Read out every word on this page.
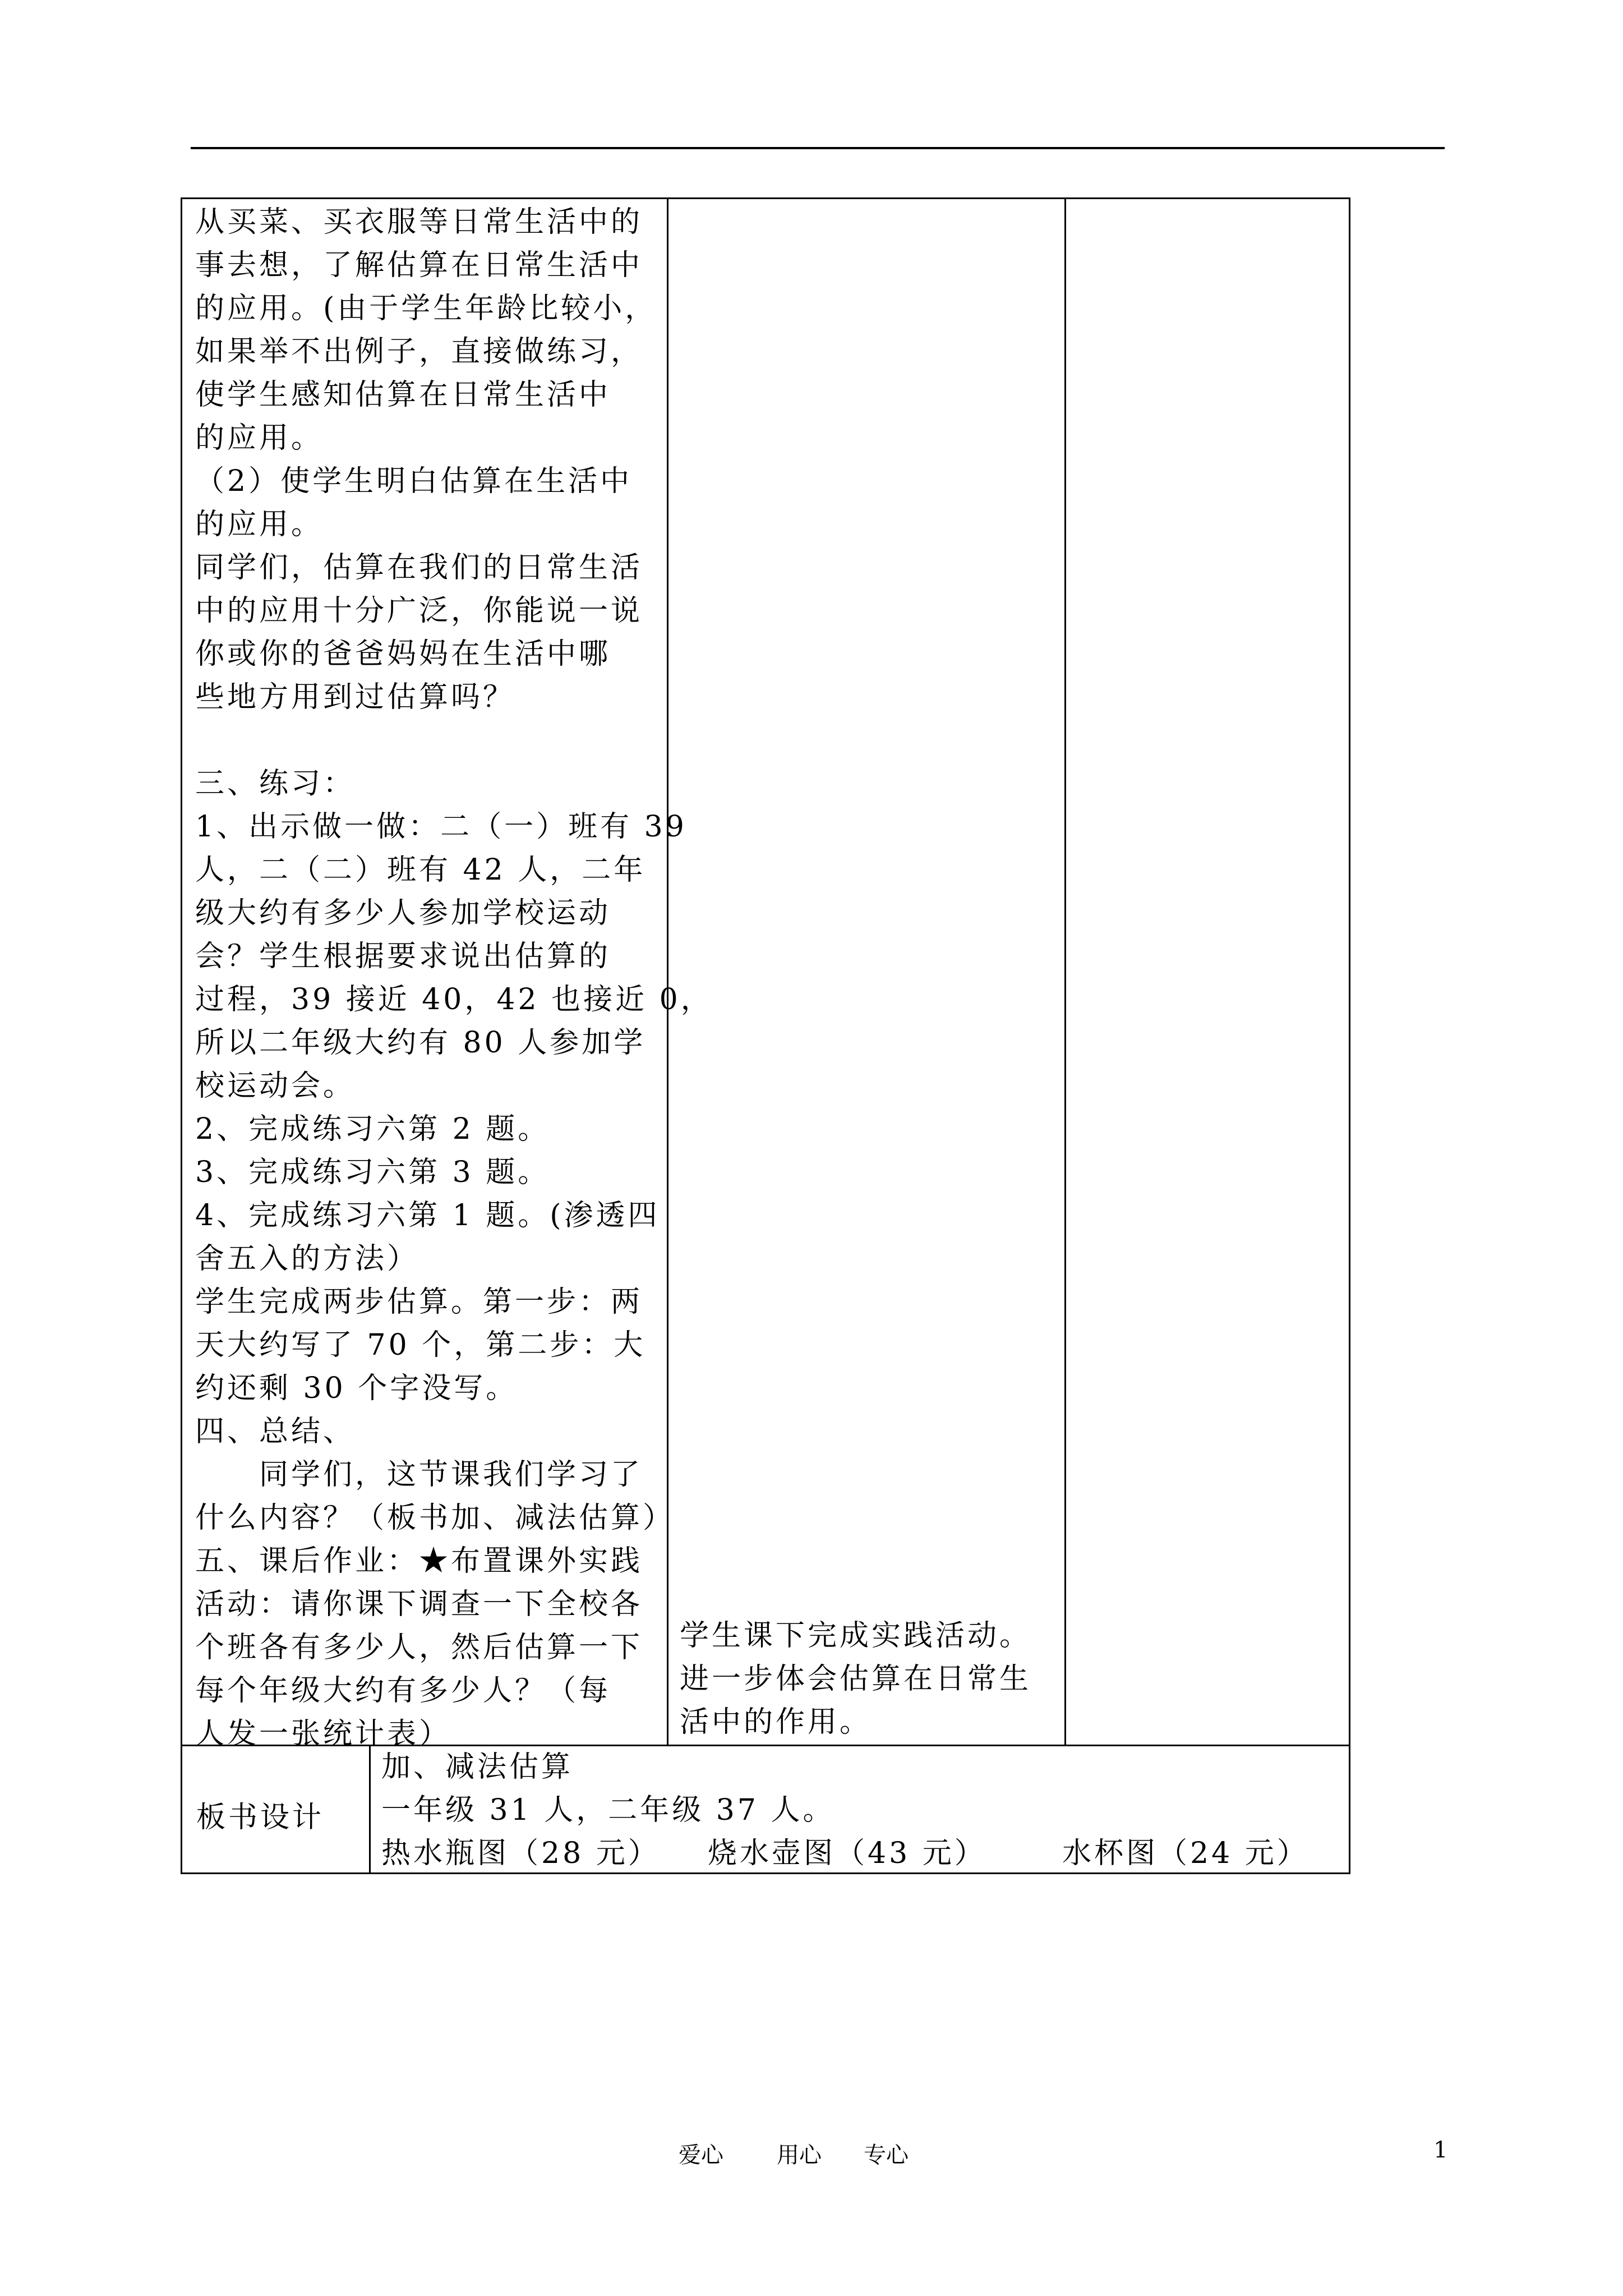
从买菜、买衣服等日常生活中的
事去想，了解估算在日常生活中
的应用。(由于学生年龄比较小，
如果举不出例子，直接做练习，
使学生感知估算在日常生活中
的应用。
（2）使学生明白估算在生活中
的应用。
同学们，估算在我们的日常生活
中的应用十分广泛，你能说一说
你或你的爸爸妈妈在生活中哪
些地方用到过估算吗？
三、练习：
1、出示做一做：二（一）班有 39
人，二（二）班有 42 人，二年
级大约有多少人参加学校运动
会？学生根据要求说出估算的
过程，39 接近 40，42 也接近 0，
所以二年级大约有 80 人参加学
校运动会。
2、完成练习六第 2 题。
3、完成练习六第 3 题。
4、完成练习六第 1 题。(渗透四
舍五入的方法）
学生完成两步估算。第一步：两
天大约写了 70 个，第二步：大
约还剩 30 个字没写。
四、总结、
　　同学们，这节课我们学习了
什么内容？（板书加、减法估算）
五、课后作业：★布置课外实践
活动：请你课下调查一下全校各
个班各有多少人，然后估算一下
每个年级大约有多少人？（每
人发一张统计表）
学生课下完成实践活动。
进一步体会估算在日常生
活中的作用。
板书设计
加、减法估算
一年级 31 人，二年级 37 人。
热水瓶图（28 元） 烧水壶图（43 元）	水杯图（24 元）
爱心 用心 专心	1
